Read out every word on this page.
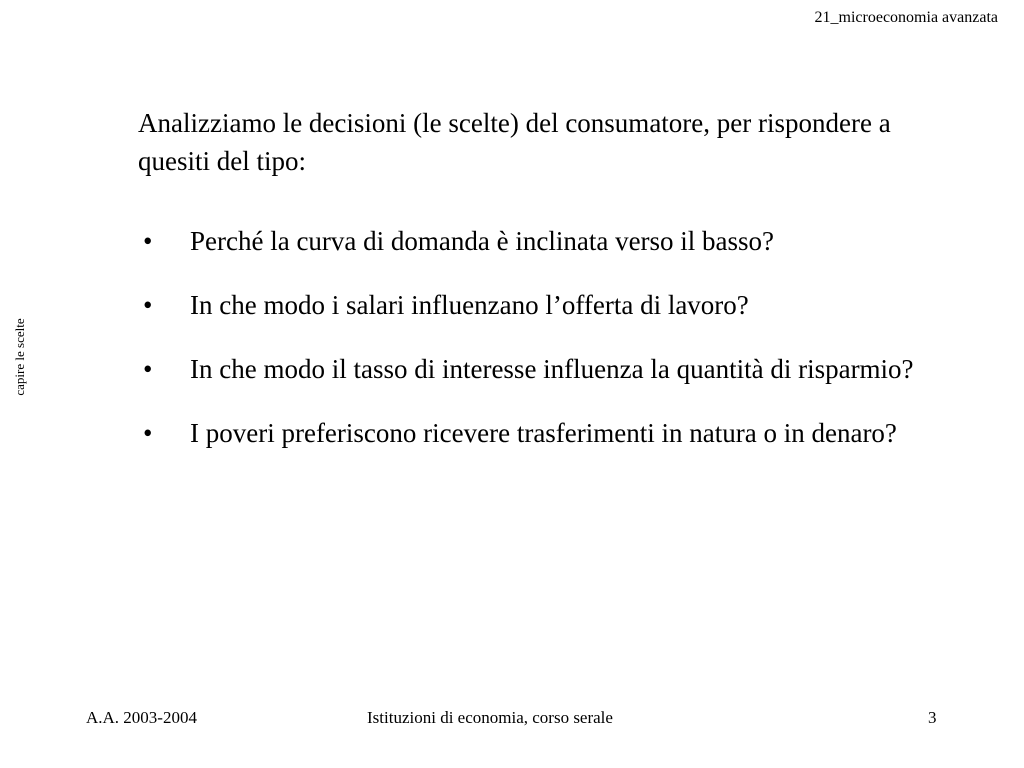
21_microeconomia avanzata
capire le scelte

Analizziamo le decisioni (le scelte) del consumatore, per rispondere a quesiti del tipo:

• Perché la curva di domanda è inclinata verso il basso?
• In che modo i salari influenzano l’offerta di lavoro?
• In che modo il tasso di interesse influenza la quantità di risparmio?
• I poveri preferiscono ricevere trasferimenti in natura o in denaro?
A.A. 2003-2004	Istituzioni di economia, corso serale	3
